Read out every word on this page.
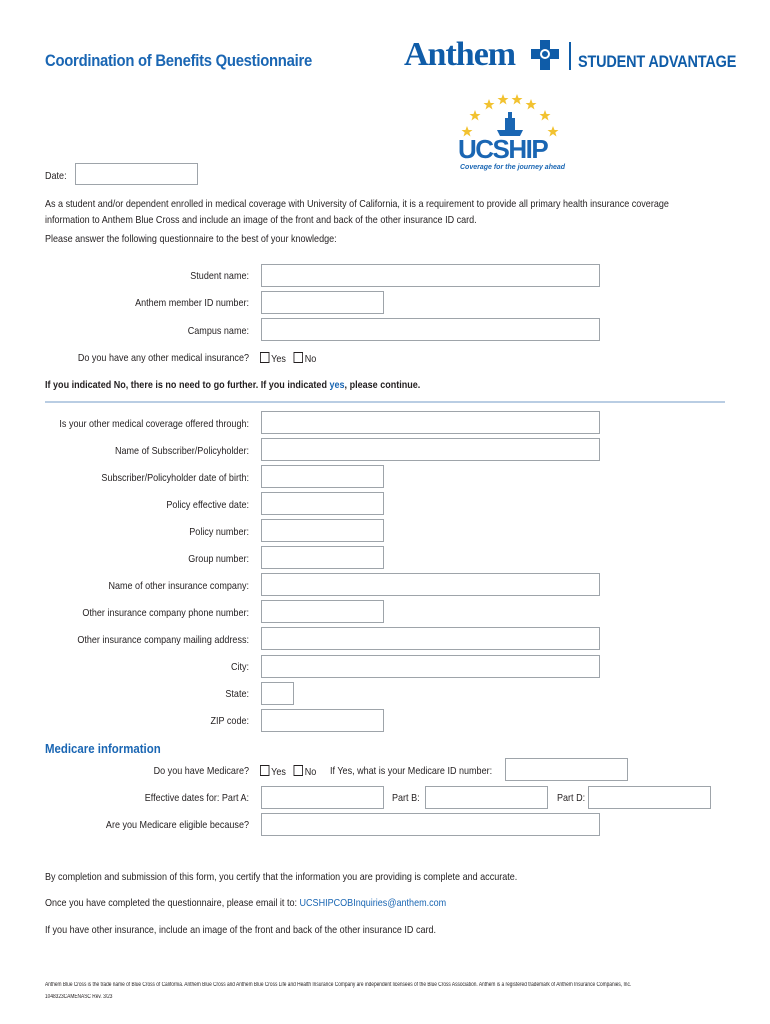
Coordination of Benefits Questionnaire	Anthem	STUDENT ADVANTAGE
UCSHIP
Coverage for the journey ahead
Date:
As a student and/or dependent enrolled in medical coverage with University of California, it is a requirement to provide all primary health insurance coverage
information to Anthem Blue Cross and include an image of the front and back of the other insurance ID card.
Please answer the following questionnaire to the best of your knowledge:
Student name:
Anthem member ID number:
Campus name:
Do you have any other medical insurance?	Yes No
If you indicated No, there is no need to go further. If you indicated yes, please continue.
Is your other medical coverage offered through:
Name of Subscriber/Policyholder:
Subscriber/Policyholder date of birth:
Policy effective date:
Policy number:
Group number:
Name of other insurance company:
Other insurance company phone number:
Other insurance company mailing address:
City:
State:
ZIP code:
Medicare information
Do you have Medicare?	Yes No If Yes, what is your Medicare ID number:
Effective dates for: Part A:	Part B:	Part D:
Are you Medicare eligible because?
By completion and submission of this form, you certify that the information you are providing is complete and accurate.
Once you have completed the questionnaire, please email it to: UCSHIPCOBInquiries@anthem.com
If you have other insurance, include an image of the front and back of the other insurance ID card.
Anthem Blue Cross is the trade name of Blue Cross of California. Anthem Blue Cross and Anthem Blue Cross Life and Health Insurance Company are independent licensees of the Blue Cross Association. Anthem is a registered trademark of Anthem Insurance Companies, Inc.
1048323CAMENASC Rev. 3/23
